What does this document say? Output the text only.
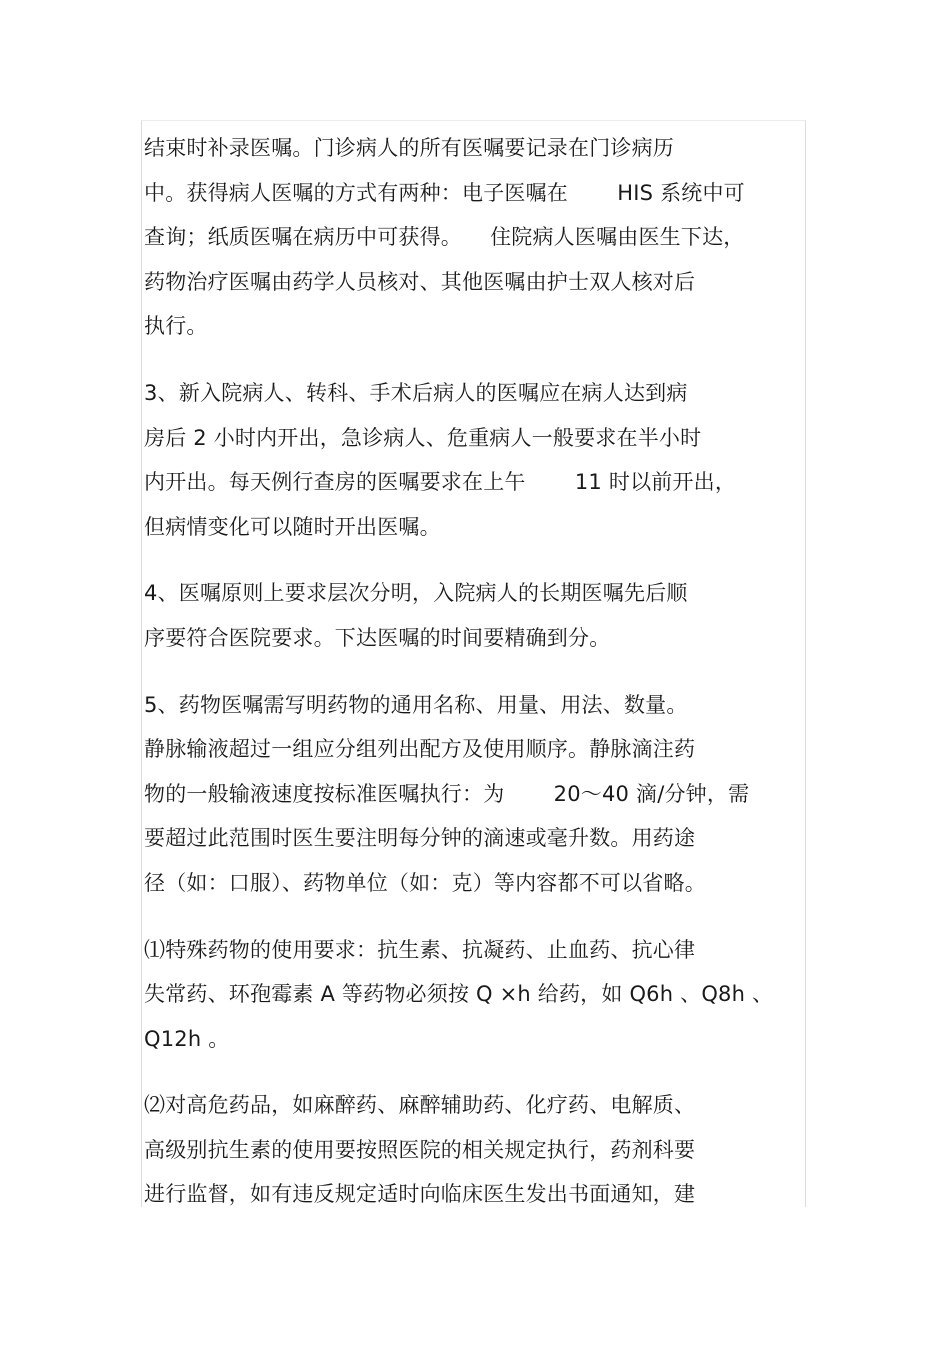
结束时补录医嘱。门诊病人的所有医嘱要记录在门诊病历
中。获得病人医嘱的方式有两种：电子医嘱在 　　HIS 系统中可
查询；纸质医嘱在病历中可获得。 　住院病人医嘱由医生下达，
药物治疗医嘱由药学人员核对、其他医嘱由护士双人核对后
执行。

3、新入院病人、转科、手术后病人的医嘱应在病人达到病
房后 2 小时内开出，急诊病人、危重病人一般要求在半小时
内开出。每天例行查房的医嘱要求在上午 　　11 时以前开出，
但病情变化可以随时开出医嘱。

4、医嘱原则上要求层次分明，入院病人的长期医嘱先后顺
序要符合医院要求。下达医嘱的时间要精确到分。

5、药物医嘱需写明药物的通用名称、用量、用法、数量。
静脉输液超过一组应分组列出配方及使用顺序。静脉滴注药
物的一般输液速度按标准医嘱执行：为 　　20～40 滴/分钟，需
要超过此范围时医生要注明每分钟的滴速或毫升数。用药途
径（如：口服）、药物单位（如：克）等内容都不可以省略。

⑴特殊药物的使用要求：抗生素、抗凝药、止血药、抗心律
失常药、环孢霉素 A 等药物必须按 Q ×h 给药，如 Q6h 、Q8h 、
Q12h 。

⑵对高危药品，如麻醉药、麻醉辅助药、化疗药、电解质、
高级别抗生素的使用要按照医院的相关规定执行，药剂科要
进行监督，如有违反规定适时向临床医生发出书面通知，建
